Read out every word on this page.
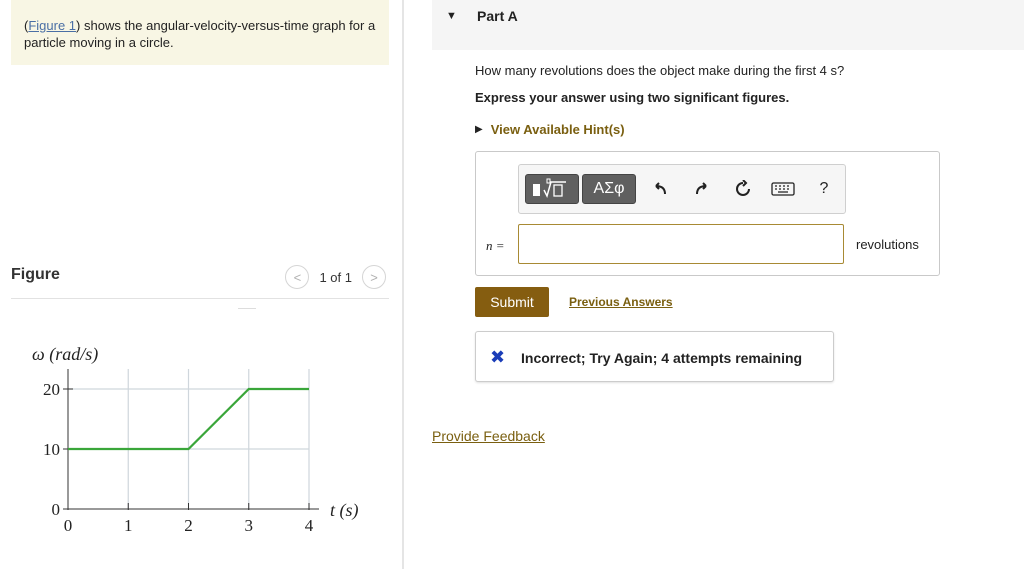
(Figure 1) shows the angular-velocity-versus-time graph for a particle moving in a circle.
Figure	<	1 of 1	>
0	1	2	3	4
0
10
20
ω (rad/s)
t (s)
▼ Part A
How many revolutions does the object make during the first 4 s?
Express your answer using two significant figures.
▶ View Available Hint(s)
ΑΣφ	?
n =	revolutions
Submit	Previous Answers
✖ Incorrect; Try Again; 4 attempts remaining
Provide Feedback
